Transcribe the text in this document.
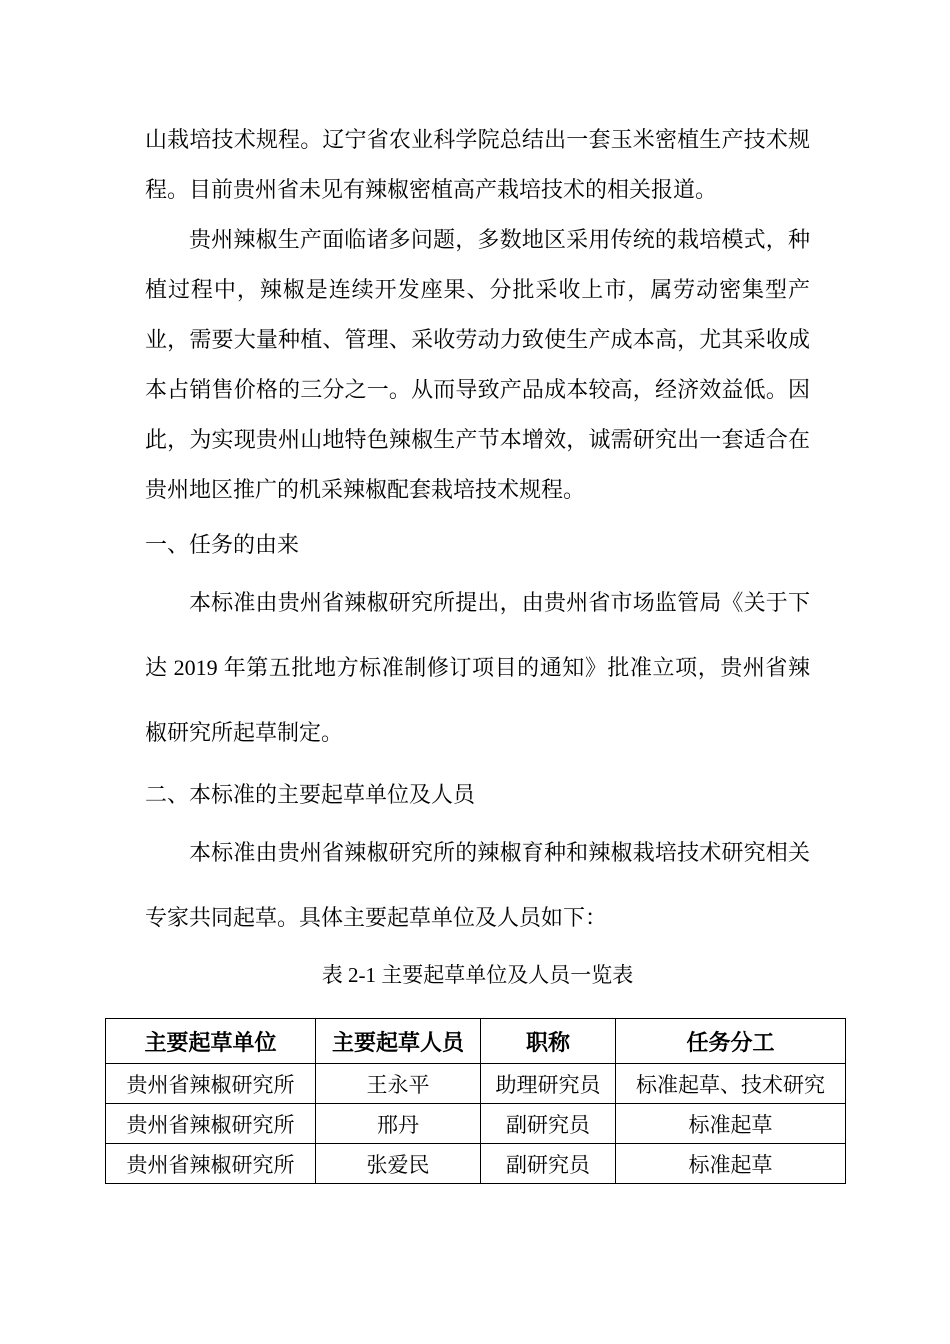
山栽培技术规程。辽宁省农业科学院总结出一套玉米密植生产技术规程。目前贵州省未见有辣椒密植高产栽培技术的相关报道。

贵州辣椒生产面临诸多问题，多数地区采用传统的栽培模式，种植过程中，辣椒是连续开发座果、分批采收上市，属劳动密集型产业，需要大量种植、管理、采收劳动力致使生产成本高，尤其采收成本占销售价格的三分之一。从而导致产品成本较高，经济效益低。因此，为实现贵州山地特色辣椒生产节本增效，诚需研究出一套适合在贵州地区推广的机采辣椒配套栽培技术规程。

一、任务的由来

本标准由贵州省辣椒研究所提出，由贵州省市场监管局《关于下达 2019 年第五批地方标准制修订项目的通知》批准立项，贵州省辣椒研究所起草制定。

二、本标准的主要起草单位及人员

本标准由贵州省辣椒研究所的辣椒育种和辣椒栽培技术研究相关专家共同起草。具体主要起草单位及人员如下：

表 2-1 主要起草单位及人员一览表

主要起草单位	主要起草人员	职称	任务分工
贵州省辣椒研究所	王永平	助理研究员	标准起草、技术研究
贵州省辣椒研究所	邢丹	副研究员	标准起草
贵州省辣椒研究所	张爱民	副研究员	标准起草
